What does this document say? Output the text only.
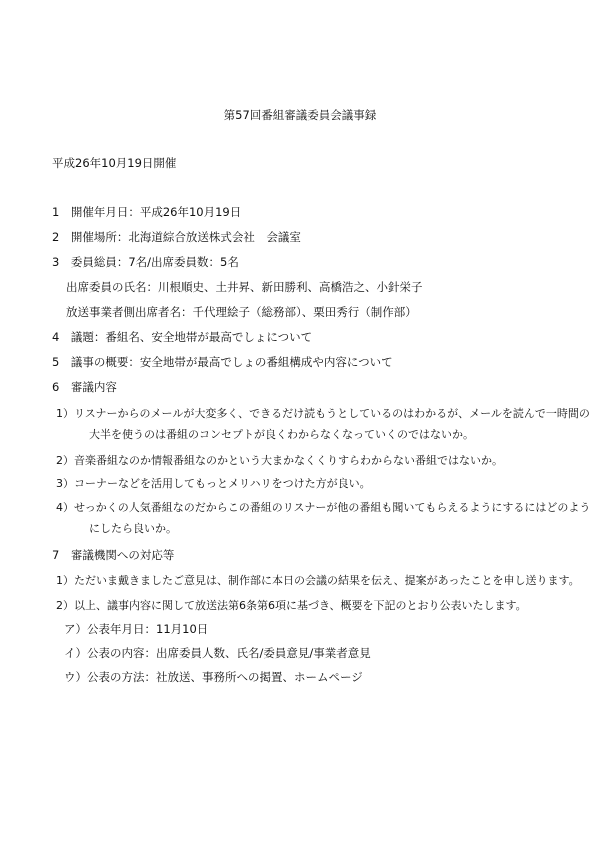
第57回番組審議委員会議事録
平成26年10月19日開催
1　開催年月日：平成26年10月19日
2　開催場所：北海道綜合放送株式会社　会議室
3　委員総員：7名/出席委員数：5名
出席委員の氏名：川根順史、土井昇、新田勝利、高橋浩之、小針栄子
放送事業者側出席者名：千代理絵子（総務部）、栗田秀行（制作部）
4　議題：番組名、安全地帯が最高でしょについて
5　議事の概要：安全地帯が最高でしょの番組構成や内容について
6　審議内容
1）リスナーからのメールが大変多く、できるだけ読もうとしているのはわかるが、メールを読んで一時間の
大半を使うのは番組のコンセプトが良くわからなくなっていくのではないか。
2）音楽番組なのか情報番組なのかという大まかなくくりすらわからない番組ではないか。
3）コーナーなどを活用してもっとメリハリをつけた方が良い。
4）せっかくの人気番組なのだからこの番組のリスナーが他の番組も聞いてもらえるようにするにはどのよう
にしたら良いか。
7　審議機関への対応等
1）ただいま戴きましたご意見は、制作部に本日の会議の結果を伝え、提案があったことを申し送ります。
2）以上、議事内容に関して放送法第6条第6項に基づき、概要を下記のとおり公表いたします。
ア）公表年月日：11月10日
イ）公表の内容：出席委員人数、氏名/委員意見/事業者意見
ウ）公表の方法：社放送、事務所への掲置、ホームページ
